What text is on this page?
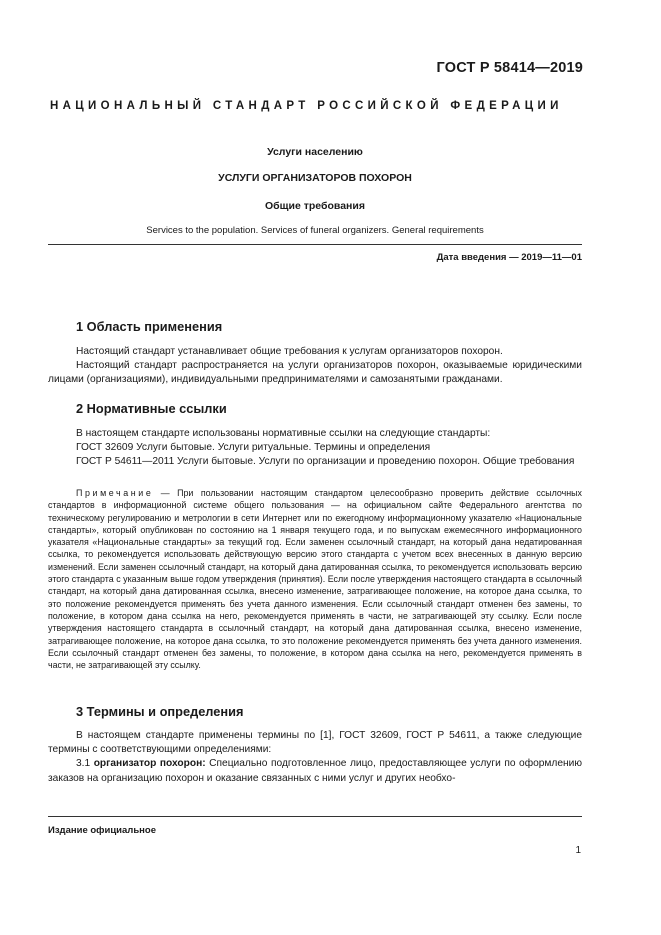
ГОСТ Р 58414—2019
НАЦИОНАЛЬНЫЙ СТАНДАРТ РОССИЙСКОЙ ФЕДЕРАЦИИ
Услуги населению
УСЛУГИ ОРГАНИЗАТОРОВ ПОХОРОН
Общие требования
Services to the population. Services of funeral organizers. General requirements
Дата введения — 2019—11—01
1 Область применения

Настоящий стандарт устанавливает общие требования к услугам организаторов похорон.

Настоящий стандарт распространяется на услуги организаторов похорон, оказываемые юридическими лицами (организациями), индивидуальными предпринимателями и самозанятыми гражданами.

2 Нормативные ссылки

В настоящем стандарте использованы нормативные ссылки на следующие стандарты:

ГОСТ 32609 Услуги бытовые. Услуги ритуальные. Термины и определения

ГОСТ Р 54611—2011 Услуги бытовые. Услуги по организации и проведению похорон. Общие требования

Примечание — При пользовании настоящим стандартом целесообразно проверить действие ссылочных стандартов в информационной системе общего пользования — на официальном сайте Федерального агентства по техническому регулированию и метрологии в сети Интернет или по ежегодному информационному указателю «Национальные стандарты», который опубликован по состоянию на 1 января текущего года, и по выпускам ежемесячного информационного указателя «Национальные стандарты» за текущий год. Если заменен ссылочный стандарт, на который дана недатированная ссылка, то рекомендуется использовать действующую версию этого стандарта с учетом всех внесенных в данную версию изменений. Если заменен ссылочный стандарт, на который дана датированная ссылка, то рекомендуется использовать версию этого стандарта с указанным выше годом утверждения (принятия). Если после утверждения настоящего стандарта в ссылочный стандарт, на который дана датированная ссылка, внесено изменение, затрагивающее положение, на которое дана ссылка, то это положение рекомендуется применять без учета данного изменения. Если ссылочный стандарт отменен без замены, то положение, в котором дана ссылка на него, рекомендуется применять в части, не затрагивающей эту ссылку. Если после утверждения настоящего стандарта в ссылочный стандарт, на который дана датированная ссылка, внесено изменение, затрагивающее положение, на которое дана ссылка, то это положение рекомендуется применять без учета данного изменения. Если ссылочный стандарт отменен без замены, то положение, в котором дана ссылка на него, рекомендуется применять в части, не затрагивающей эту ссылку.

3 Термины и определения

В настоящем стандарте применены термины по [1], ГОСТ 32609, ГОСТ Р 54611, а также следующие термины с соответствующими определениями:

3.1 организатор похорон: Специально подготовленное лицо, предоставляющее услуги по оформлению заказов на организацию похорон и оказание связанных с ними услуг и других необхо-

Издание официальное
1
